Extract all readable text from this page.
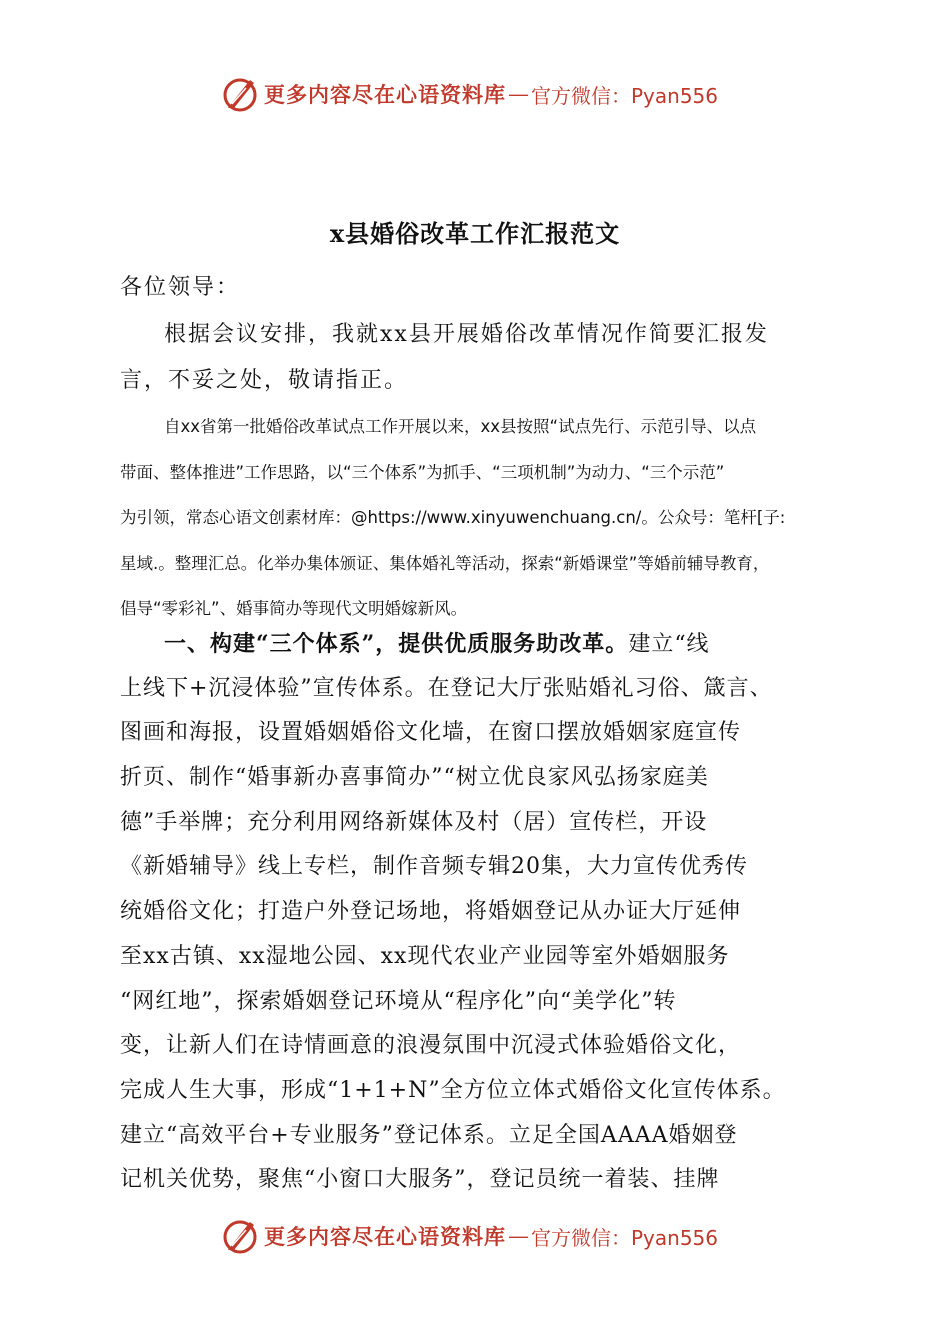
更多内容尽在心语资料库 — 官方微信：Pyan556
x县婚俗改革工作汇报范文
各位领导：
根据会议安排，我就xx县开展婚俗改革情况作简要汇报发
言，不妥之处，敬请指正。
自xx省第一批婚俗改革试点工作开展以来，xx县按照“试点先行、示范引导、以点
带面、整体推进”工作思路，以“三个体系”为抓手、“三项机制”为动力、“三个示范”
为引领，常态心语文创素材库：@https://www.xinyuwenchuang.cn/。公众号：笔杆[子:
星域.。整理汇总。化举办集体颁证、集体婚礼等活动，探索“新婚课堂”等婚前辅导教育，
倡导“零彩礼”、婚事简办等现代文明婚嫁新风。
一、构建“三个体系”，提供优质服务助改革。建立“线
上线下+沉浸体验”宣传体系。在登记大厅张贴婚礼习俗、箴言、
图画和海报，设置婚姻婚俗文化墙，在窗口摆放婚姻家庭宣传
折页、制作“婚事新办喜事简办”“树立优良家风弘扬家庭美
德”手举牌；充分利用网络新媒体及村（居）宣传栏，开设
《新婚辅导》线上专栏，制作音频专辑20集，大力宣传优秀传
统婚俗文化；打造户外登记场地，将婚姻登记从办证大厅延伸
至xx古镇、xx湿地公园、xx现代农业产业园等室外婚姻服务
“网红地”，探索婚姻登记环境从“程序化”向“美学化”转
变，让新人们在诗情画意的浪漫氛围中沉浸式体验婚俗文化，
完成人生大事，形成“1+1+N”全方位立体式婚俗文化宣传体系。
建立“高效平台+专业服务”登记体系。立足全国AAAA婚姻登
记机关优势，聚焦“小窗口大服务”，登记员统一着装、挂牌
更多内容尽在心语资料库 — 官方微信：Pyan556
